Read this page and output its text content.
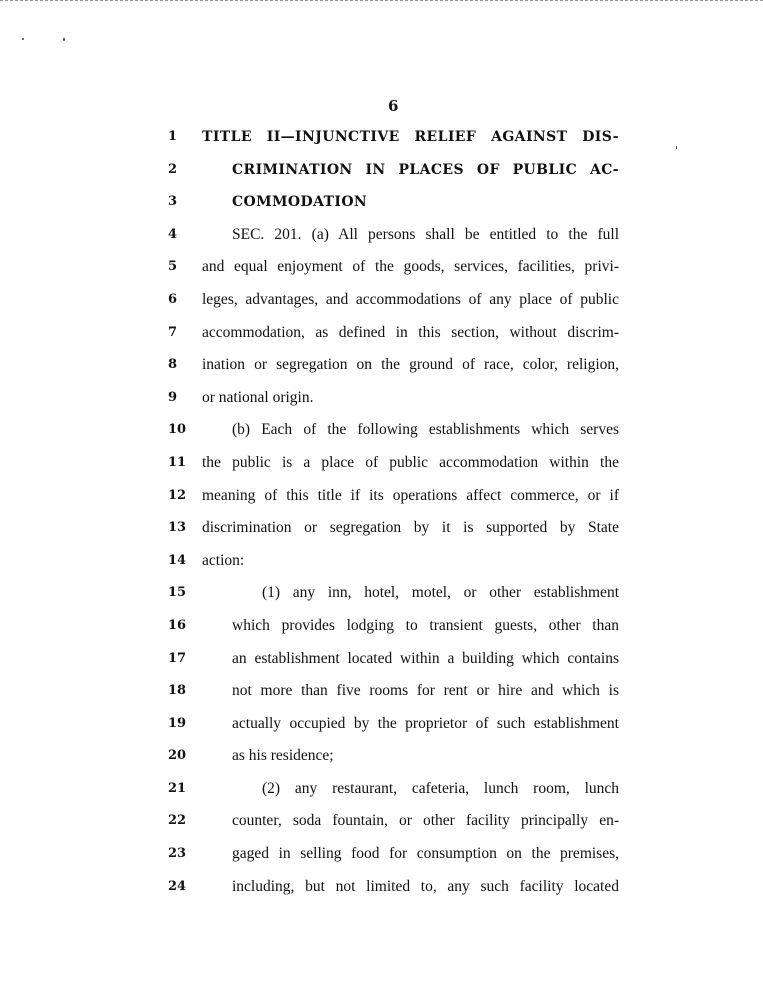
6
1	TITLE II—INJUNCTIVE RELIEF AGAINST DIS-
2	CRIMINATION IN PLACES OF PUBLIC AC-
3	COMMODATION
4	SEC. 201. (a) All persons shall be entitled to the full
5	and equal enjoyment of the goods, services, facilities, privi-
6	leges, advantages, and accommodations of any place of public
7	accommodation, as defined in this section, without discrim-
8	ination or segregation on the ground of race, color, religion,
9	or national origin.
10	(b) Each of the following establishments which serves
11	the public is a place of public accommodation within the
12	meaning of this title if its operations affect commerce, or if
13	discrimination or segregation by it is supported by State
14	action:
15	(1) any inn, hotel, motel, or other establishment
16	which provides lodging to transient guests, other than
17	an establishment located within a building which contains
18	not more than five rooms for rent or hire and which is
19	actually occupied by the proprietor of such establishment
20	as his residence;
21	(2) any restaurant, cafeteria, lunch room, lunch
22	counter, soda fountain, or other facility principally en-
23	gaged in selling food for consumption on the premises,
24	including, but not limited to, any such facility located
